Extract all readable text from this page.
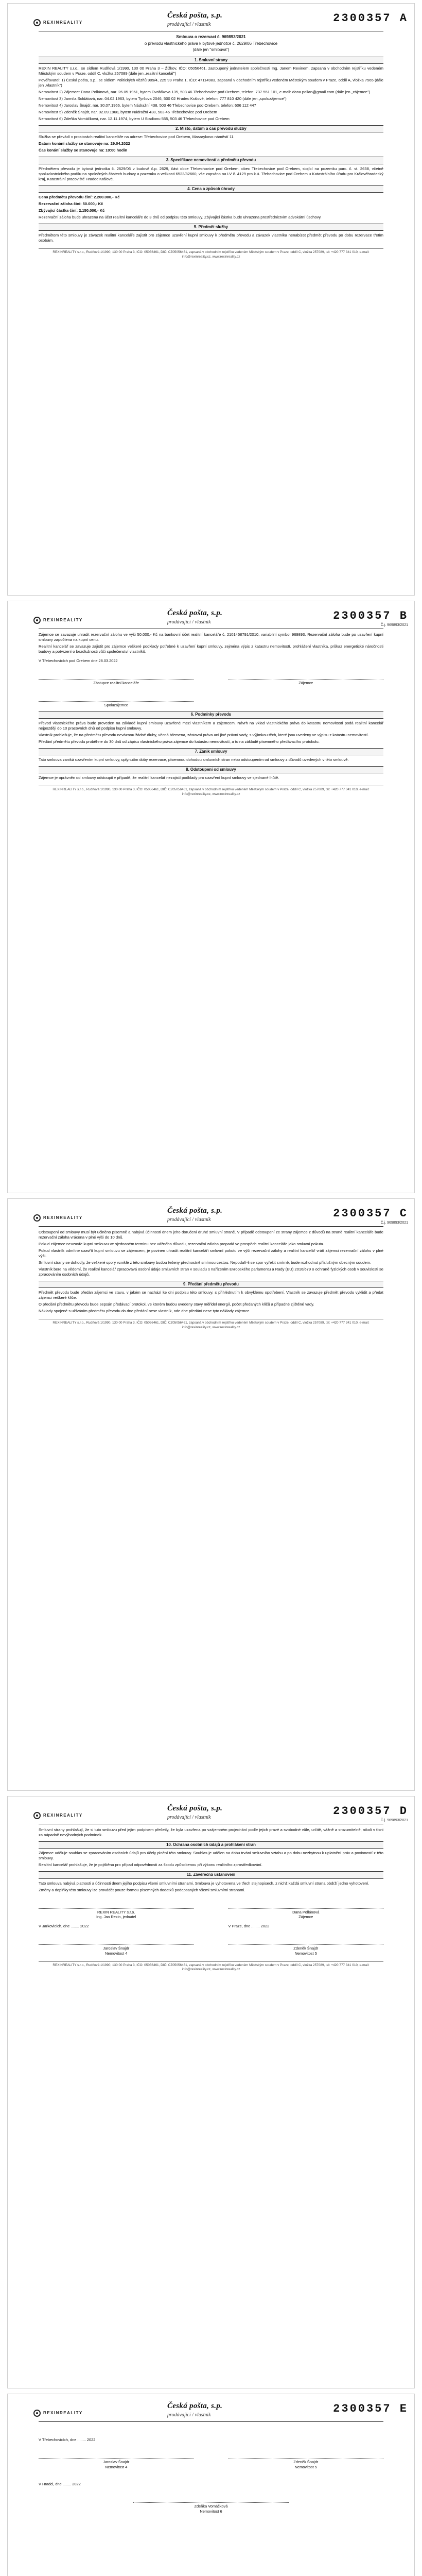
REXINREALITY
Česká pošta, s.p.
prodávající / vlastník	2300357 A
Smlouva o rezervaci č. 969893/2021
o převodu vlastnického práva k bytové jednotce č. 2629/06 Třebechovice
(dále jen "smlouva")
1. Smluvní strany

REXIN REALITY s.r.o., se sídlem Rudňová 1/1990, 130 00 Praha 3 – Žižkov, IČO: 05056461, zastoupený jednatelem společnosti Ing. Janem Rexinem, zapsaná v obchodním rejstříku vedeném Městským soudem v Praze, oddíl C, vložka 257089 (dále jen „realitní kancelář")

Pověřovatel: 1) Česká pošta, s.p., se sídlem Politických vězňů 909/4, 225 99 Praha 1, IČO: 47114983, zapsaná v obchodním rejstříku vedeném Městským soudem v Praze, oddíl A, vložka 7565 (dále jen „vlastník")

Nemovitost 2) Zájemce: Dana Pollánová, nar. 26.05.1961, bytem Dvořákova 135, 503 46 Třebechovice pod Orebem, telefon: 737 551 101, e-mail: dana.pollan@gmail.com (dále jen „zájemce")

Nemovitost 3) Jarmila Soldátová, nar. 04.02.1963, bytem Tyršova 2046, 500 02 Hradec Králové, telefon: 777 810 420 (dále jen „spoluzájemce")

Nemovitost 4) Jaroslav Šnajdr, nar. 30.07.1966, bytem Nádražní 438, 503 46 Třebechovice pod Orebem, telefon: 606 112 447

Nemovitost 5) Zdeněk Šnajdr, nar. 02.09.1968, bytem Nádražní 438, 503 46 Třebechovice pod Orebem

Nemovitost 6) Zdeňka Vomáčková, nar. 12.11.1974, bytem U Stadionu 555, 503 46 Třebechovice pod Orebem

2. Místo, datum a čas převodu služby

Služba se převádí v prostorách realitní kanceláře na adrese: Třebechovice pod Orebem, Masarykovo náměstí 11

Datum konání služby se stanovuje na: 29.04.2022

Čas konání služby se stanovuje na: 10:00 hodin

3. Specifikace nemovitostí a předmětu převodu

Předmětem převodu je bytová jednotka č. 2629/06 v budově č.p. 2629, část obce Třebechovice pod Orebem, obec Třebechovice pod Orebem, stojící na pozemku parc. č. st. 2638, včetně spoluvlastnického podílu na společných částech budovy a pozemku o velikosti 6523/82660, vše zapsáno na LV č. 4129 pro k.ú. Třebechovice pod Orebem u Katastrálního úřadu pro Královéhradecký kraj, Katastrální pracoviště Hradec Králové.

4. Cena a způsob úhrady

Cena předmětu převodu činí: 2.200.000,- Kč

Rezervační záloha činí: 50.000,- Kč

Zbývající částka činí: 2.150.000,- Kč

Rezervační záloha bude uhrazena na účet realitní kanceláře do 3 dnů od podpisu této smlouvy. Zbývající částka bude uhrazena prostřednictvím advokátní úschovy.

5. Předmět služby

Předmětem této smlouvy je závazek realitní kanceláře zajistit pro zájemce uzavření kupní smlouvy k předmětu převodu a závazek vlastníka nenabízet předmět převodu po dobu rezervace třetím osobám.

REXINREALITY s.r.o., Rudňová 1/1990, 130 00 Praha 3, IČO: 05056461, DIČ: CZ05056461, zapsaná v obchodním rejstříku vedeném Městským soudem v Praze, oddíl C, vložka 257089, tel: +420 777 341 010, e-mail: info@rexinreality.cz, www.rexinreality.cz
REXINREALITY
Česká pošta, s.p.
prodávající / vlastník	2300357 B
Č.j. 969893/2021

Zájemce se zavazuje uhradit rezervační zálohu ve výši 50.000,- Kč na bankovní účet realitní kanceláře č. 2101458791/2010, variabilní symbol 969893. Rezervační záloha bude po uzavření kupní smlouvy započtena na kupní cenu.

Realitní kancelář se zavazuje zajistit pro zájemce veškeré podklady potřebné k uzavření kupní smlouvy, zejména výpis z katastru nemovitostí, prohlášení vlastníka, průkaz energetické náročnosti budovy a potvrzení o bezdlužnosti vůči společenství vlastníků.

V Třebechovicích pod Orebem dne 28.03.2022
Zástupce realitní kanceláře	Zájemce
Spoluzájemce
6. Podmínky převodu

Převod vlastnického práva bude proveden na základě kupní smlouvy uzavřené mezi vlastníkem a zájemcem. Návrh na vklad vlastnického práva do katastru nemovitostí podá realitní kancelář nejpozději do 10 pracovních dnů od podpisu kupní smlouvy.

Vlastník prohlašuje, že na předmětu převodu neváznou žádné dluhy, věcná břemena, zástavní práva ani jiné právní vady, s výjimkou těch, které jsou uvedeny ve výpisu z katastru nemovitostí.

Předání předmětu převodu proběhne do 30 dnů od zápisu vlastnického práva zájemce do katastru nemovitostí, a to na základě písemného předávacího protokolu.

7. Zánik smlouvy

Tato smlouva zaniká uzavřením kupní smlouvy, uplynutím doby rezervace, písemnou dohodou smluvních stran nebo odstoupením od smlouvy z důvodů uvedených v této smlouvě.

8. Odstoupení od smlouvy

Zájemce je oprávněn od smlouvy odstoupit v případě, že realitní kancelář nezajistí podklady pro uzavření kupní smlouvy ve sjednané lhůtě.

REXINREALITY s.r.o., Rudňová 1/1990, 130 00 Praha 3, IČO: 05056461, DIČ: CZ05056461, zapsaná v obchodním rejstříku vedeném Městským soudem v Praze, oddíl C, vložka 257089, tel: +420 777 341 010, e-mail: info@rexinreality.cz, www.rexinreality.cz
REXINREALITY
Česká pošta, s.p.
prodávající / vlastník	2300357 C
Č.j. 969893/2021

Odstoupení od smlouvy musí být učiněno písemně a nabývá účinnosti dnem jeho doručení druhé smluvní straně. V případě odstoupení ze strany zájemce z důvodů na straně realitní kanceláře bude rezervační záloha vrácena v plné výši do 10 dnů.

Pokud zájemce neuzavře kupní smlouvu ve sjednaném termínu bez vážného důvodu, rezervační záloha propadá ve prospěch realitní kanceláře jako smluvní pokuta.

Pokud vlastník odmítne uzavřít kupní smlouvu se zájemcem, je povinen uhradit realitní kanceláři smluvní pokutu ve výši rezervační zálohy a realitní kancelář vrátí zájemci rezervační zálohu v plné výši.

Smluvní strany se dohodly, že veškeré spory vzniklé z této smlouvy budou řešeny přednostně smírnou cestou. Nepodaří-li se spor vyřešit smírně, bude rozhodnut příslušným obecným soudem.

Vlastník bere na vědomí, že realitní kancelář zpracovává osobní údaje smluvních stran v souladu s nařízením Evropského parlamentu a Rady (EU) 2016/679 o ochraně fyzických osob v souvislosti se zpracováním osobních údajů.

9. Předání předmětu převodu

Předmět převodu bude předán zájemci ve stavu, v jakém se nachází ke dni podpisu této smlouvy, s přihlédnutím k obvyklému opotřebení. Vlastník se zavazuje předmět převodu vyklidit a předat zájemci veškeré klíče.

O předání předmětu převodu bude sepsán předávací protokol, ve kterém budou uvedeny stavy měřidel energií, počet předaných klíčů a případné zjištěné vady.

Náklady spojené s užíváním předmětu převodu do dne předání nese vlastník, ode dne předání nese tyto náklady zájemce.

REXINREALITY s.r.o., Rudňová 1/1990, 130 00 Praha 3, IČO: 05056461, DIČ: CZ05056461, zapsaná v obchodním rejstříku vedeném Městským soudem v Praze, oddíl C, vložka 257089, tel: +420 777 341 010, e-mail: info@rexinreality.cz, www.rexinreality.cz
REXINREALITY
Česká pošta, s.p.
prodávající / vlastník	2300357 D
Č.j. 969893/2021

Smluvní strany prohlašují, že si tuto smlouvu před jejím podpisem přečetly, že byla uzavřena po vzájemném projednání podle jejich pravé a svobodné vůle, určitě, vážně a srozumitelně, nikoli v tísni za nápadně nevýhodných podmínek.

10. Ochrana osobních údajů a prohlášení stran

Zájemce uděluje souhlas se zpracováním osobních údajů pro účely plnění této smlouvy. Souhlas je udělen na dobu trvání smluvního vztahu a po dobu nezbytnou k uplatnění práv a povinností z této smlouvy.

Realitní kancelář prohlašuje, že je pojištěna pro případ odpovědnosti za škodu způsobenou při výkonu realitního zprostředkování.

11. Závěrečná ustanovení

Tato smlouva nabývá platnosti a účinnosti dnem jejího podpisu všemi smluvními stranami. Smlouva je vyhotovena ve třech stejnopisech, z nichž každá smluvní strana obdrží jedno vyhotovení.

Změny a doplňky této smlouvy lze provádět pouze formou písemných dodatků podepsaných všemi smluvními stranami.

REXIN REALITY s.r.o.
Ing. Jan Rexin, jednatel
Dana Pollánová
Zájemce
V Jarkovicích, dne ........ 2022	V Praze, dne ........ 2022
Jaroslav Šnajdr
Nemovitost 4
Zdeněk Šnajdr
Nemovitost 5
REXINREALITY s.r.o., Rudňová 1/1990, 130 00 Praha 3, IČO: 05056461, DIČ: CZ05056461, zapsaná v obchodním rejstříku vedeném Městským soudem v Praze, oddíl C, vložka 257089, tel: +420 777 341 010, e-mail: info@rexinreality.cz, www.rexinreality.cz
REXINREALITY
Česká pošta, s.p.
prodávající / vlastník	2300357 E
V Třebechovicích, dne ........ 2022
Jaroslav Šnajdr
Nemovitost 4
Zdeněk Šnajdr
Nemovitost 5
V Hradci, dne ........ 2022
Zdeňka Vomáčková
Nemovitost 6
